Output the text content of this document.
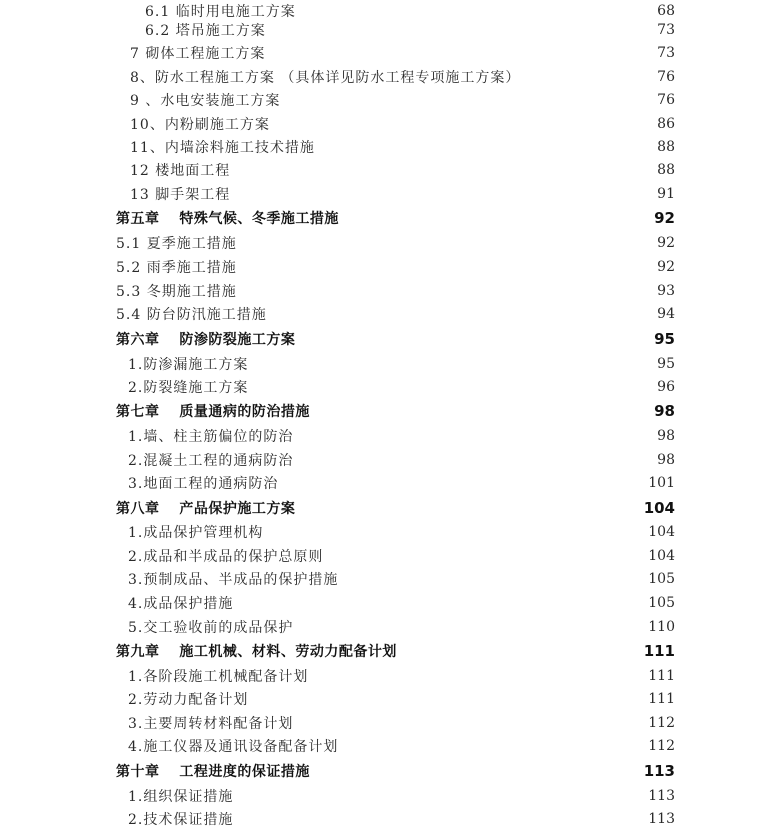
6.1 临时用电施工方案	68
6.2 塔吊施工方案	73
7 砌体工程施工方案	73
8、防水工程施工方案 （具体详见防水工程专项施工方案）	76
9 、水电安装施工方案	76
10、内粉刷施工方案	86
11、内墙涂料施工技术措施	88
12 楼地面工程	88
13 脚手架工程	91
第五章　 特殊气候、冬季施工措施	92
5.1 夏季施工措施	92
5.2 雨季施工措施	92
5.3 冬期施工措施	93
5.4 防台防汛施工措施	94
第六章　 防渗防裂施工方案	95
1.防渗漏施工方案	95
2.防裂缝施工方案	96
第七章　 质量通病的防治措施	98
1.墙、柱主筋偏位的防治	98
2.混凝土工程的通病防治	98
3.地面工程的通病防治	101
第八章　 产品保护施工方案	104
1.成品保护管理机构	104
2.成品和半成品的保护总原则	104
3.预制成品、半成品的保护措施	105
4.成品保护措施	105
5.交工验收前的成品保护	110
第九章　 施工机械、材料、劳动力配备计划	111
1.各阶段施工机械配备计划	111
2.劳动力配备计划	111
3.主要周转材料配备计划	112
4.施工仪器及通讯设备配备计划	112
第十章　 工程进度的保证措施	113
1.组织保证措施	113
2.技术保证措施	113
